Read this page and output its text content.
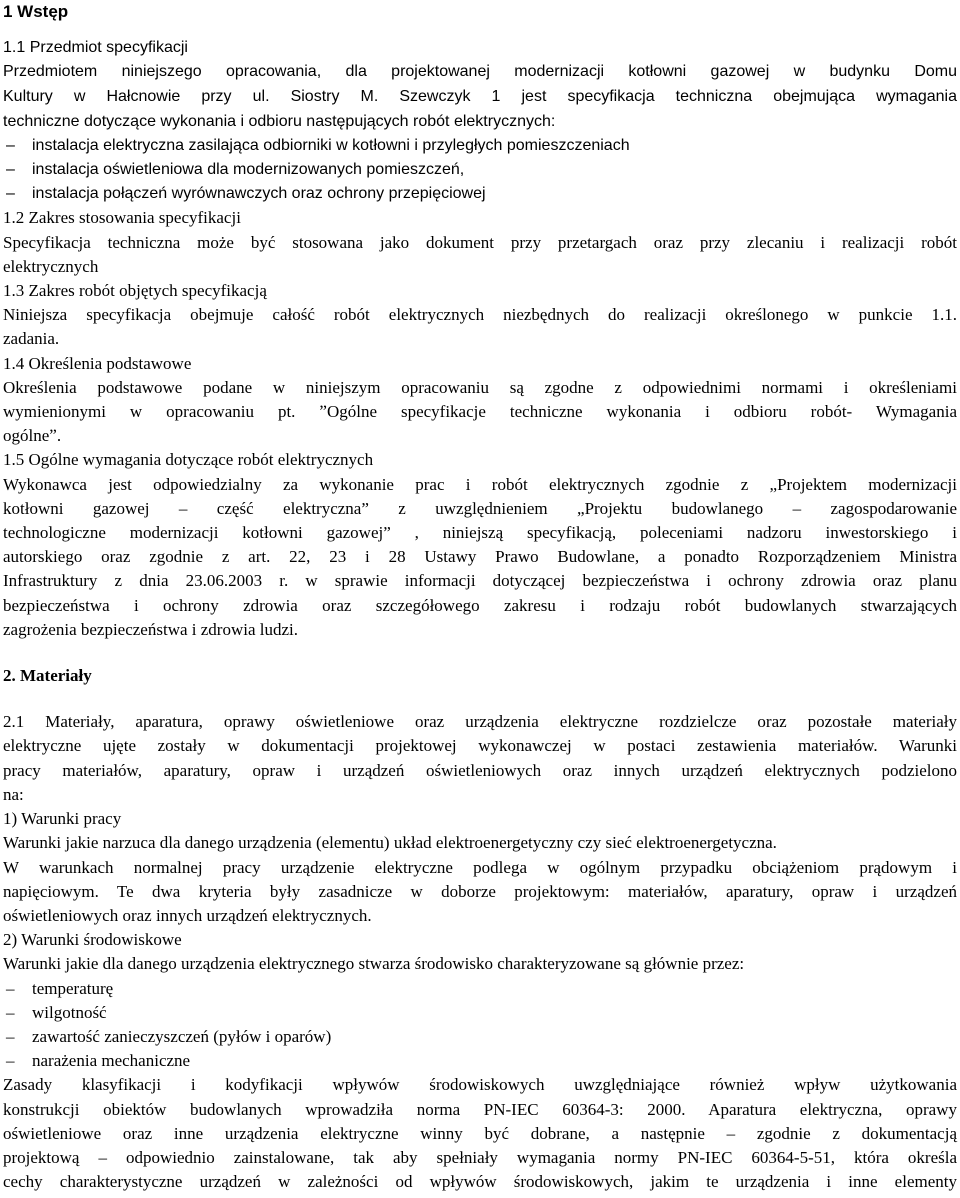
1 Wstęp
1.1 Przedmiot specyfikacji
Przedmiotem niniejszego opracowania, dla projektowanej modernizacji kotłowni gazowej w budynku Domu
Kultury w Hałcnowie przy ul. Siostry M. Szewczyk 1 jest specyfikacja techniczna obejmująca wymagania
techniczne dotyczące wykonania i odbioru następujących robót elektrycznych:
– instalacja elektryczna zasilająca odbiorniki w kotłowni i przyległych pomieszczeniach
– instalacja oświetleniowa dla modernizowanych pomieszczeń,
– instalacja połączeń wyrównawczych oraz ochrony przepięciowej
1.2 Zakres stosowania specyfikacji
Specyfikacja techniczna może być stosowana jako dokument przy przetargach oraz przy zlecaniu i realizacji robót
elektrycznych
1.3 Zakres robót objętych specyfikacją
Niniejsza specyfikacja obejmuje całość robót elektrycznych niezbędnych do realizacji określonego w punkcie 1.1.
zadania.
1.4 Określenia podstawowe
Określenia podstawowe podane w niniejszym opracowaniu są zgodne z odpowiednimi normami i określeniami
wymienionymi w opracowaniu pt. ˮOgólne specyfikacje techniczne wykonania i odbioru robót- Wymagania
ogólneˮ.
1.5 Ogólne wymagania dotyczące robót elektrycznych
Wykonawca jest odpowiedzialny za wykonanie prac i robót elektrycznych zgodnie z „Projektem modernizacji
kotłowni gazowej – część elektryczna” z uwzględnieniem „Projektu budowlanego – zagospodarowanie
technologiczne modernizacji kotłowni gazowej” , niniejszą specyfikacją, poleceniami nadzoru inwestorskiego i
autorskiego oraz zgodnie z art. 22, 23 i 28 Ustawy Prawo Budowlane, a ponadto Rozporządzeniem Ministra
Infrastruktury z dnia 23.06.2003 r. w sprawie informacji dotyczącej bezpieczeństwa i ochrony zdrowia oraz planu
bezpieczeństwa i ochrony zdrowia oraz szczegółowego zakresu i rodzaju robót budowlanych stwarzających
zagrożenia bezpieczeństwa i zdrowia ludzi.
2. Materiały
2.1 Materiały, aparatura, oprawy oświetleniowe oraz urządzenia elektryczne rozdzielcze oraz pozostałe materiały
elektryczne ujęte zostały w dokumentacji projektowej wykonawczej w postaci zestawienia materiałów. Warunki
pracy materiałów, aparatury, opraw i urządzeń oświetleniowych oraz innych urządzeń elektrycznych podzielono
na:
1) Warunki pracy
Warunki jakie narzuca dla danego urządzenia (elementu) układ elektroenergetyczny czy sieć elektroenergetyczna.
W warunkach normalnej pracy urządzenie elektryczne podlega w ogólnym przypadku obciążeniom prądowym i
napięciowym. Te dwa kryteria były zasadnicze w doborze projektowym: materiałów, aparatury, opraw i urządzeń
oświetleniowych oraz innych urządzeń elektrycznych.
2) Warunki środowiskowe
Warunki jakie dla danego urządzenia elektrycznego stwarza środowisko charakteryzowane są głównie przez:
– temperaturę
– wilgotność
– zawartość zanieczyszczeń (pyłów i oparów)
– narażenia mechaniczne
Zasady klasyfikacji i kodyfikacji wpływów środowiskowych uwzględniające również wpływ użytkowania
konstrukcji obiektów budowlanych wprowadziła norma PN-IEC 60364-3: 2000. Aparatura elektryczna, oprawy
oświetleniowe oraz inne urządzenia elektryczne winny być dobrane, a następnie – zgodnie z dokumentacją
projektową – odpowiednio zainstalowane, tak aby spełniały wymagania normy PN-IEC 60364-5-51, która określa
cechy charakterystyczne urządzeń w zależności od wpływów środowiskowych, jakim te urządzenia i inne elementy
